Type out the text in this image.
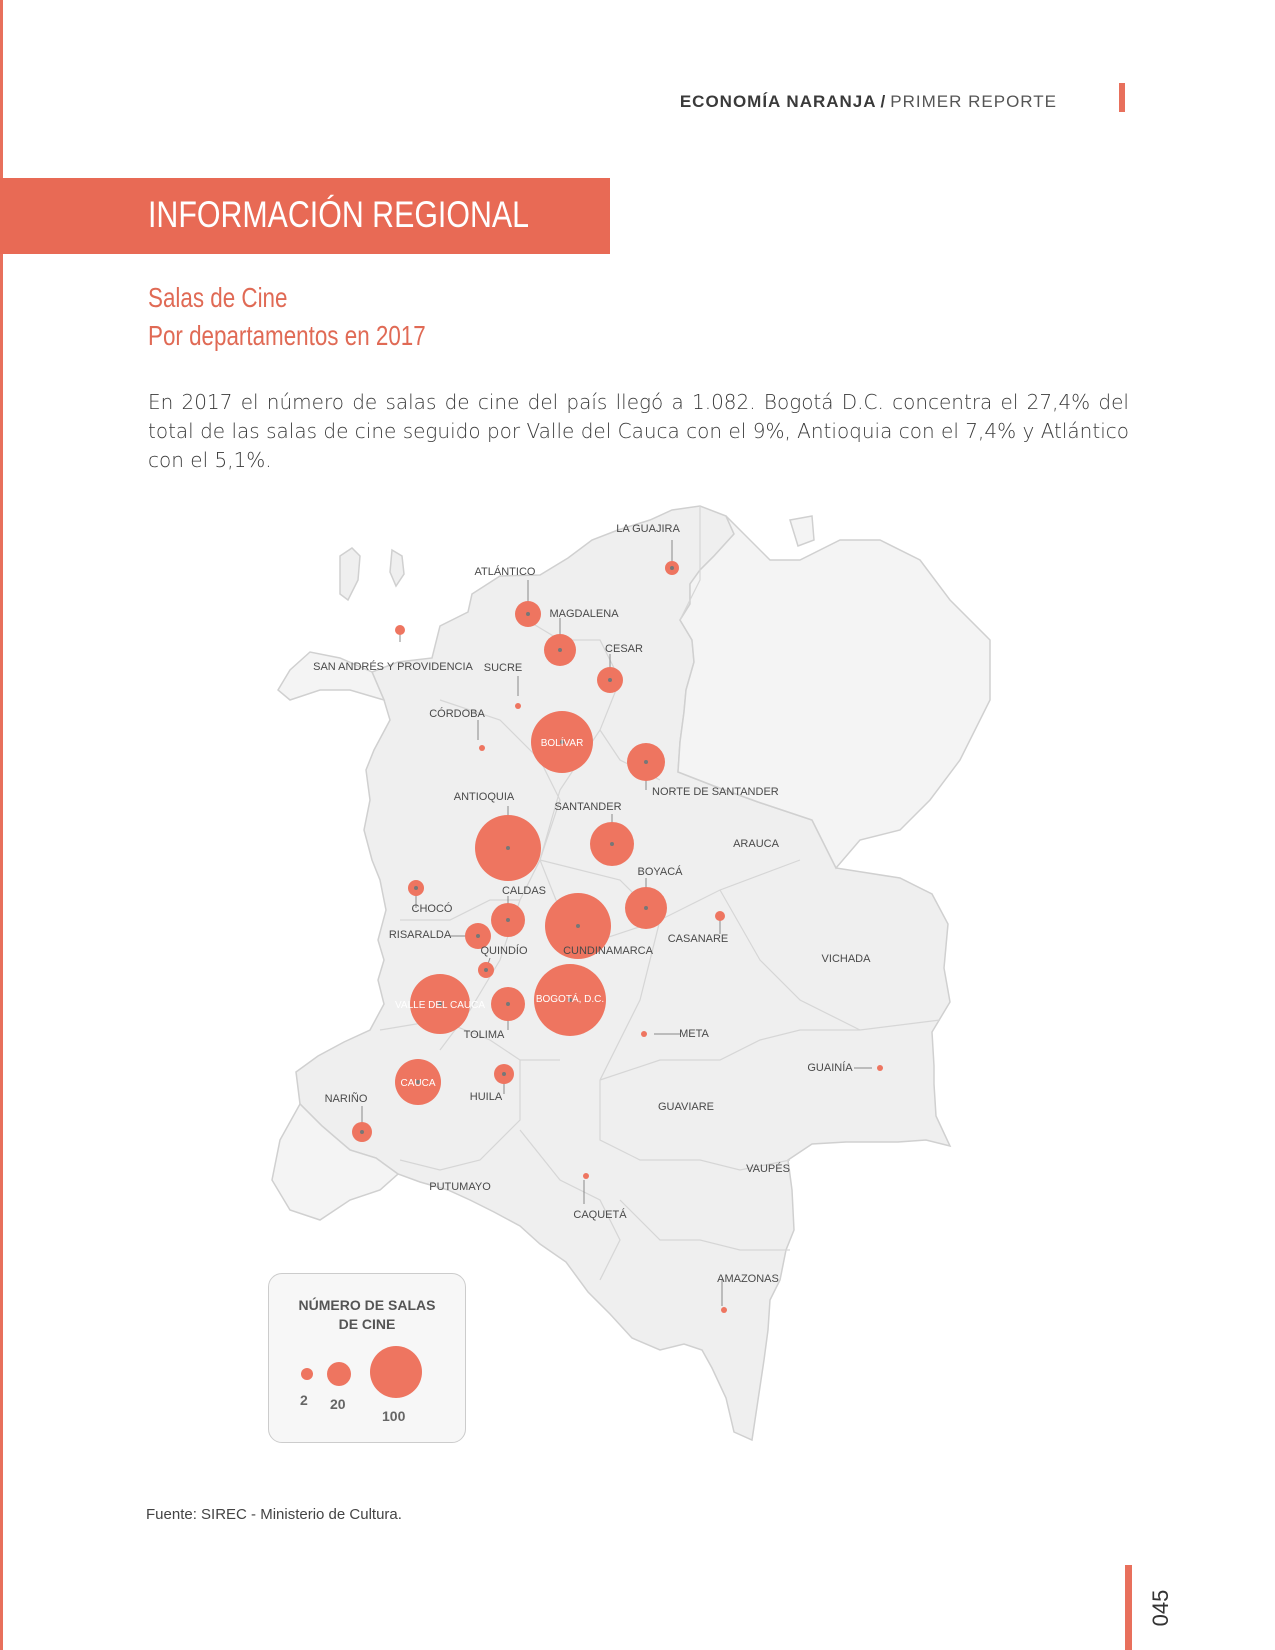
ECONOMÍA NARANJA / PRIMER REPORTE
INFORMACIÓN REGIONAL
Salas de Cine
Por departamentos en 2017
En 2017 el número de salas de cine del país llegó a 1.082. Bogotá D.C. concentra el 27,4% del total de las salas de cine seguido por Valle del Cauca con el 9%, Antioquia con el 7,4% y Atlántico con el 5,1%.
LA GUAJIRA
ATLÁNTICO
MAGDALENA
CESAR
SAN ANDRÉS Y PROVIDENCIA SUCRE
CÓRDOBA
BOLÍVAR
NORTE DE SANTANDER
ANTIOQUIA
SANTANDER
ARAUCA
BOYACÁ
CHOCÓ
CALDAS
RISARALDA	CASANARE
CUNDINAMARCA
QUINDÍO
VICHADA
VALLE DEL CAUCA
BOGOTÁ, D.C.
TOLIMA	META
GUAINÍA
CAUCA
HUILA
NARIÑO
GUAVIARE
VAUPÉS
PUTUMAYO
CAQUETÁ
AMAZONAS
NÚMERO DE SALAS DE CINE
2 20
100
Fuente: SIREC - Ministerio de Cultura.
045
